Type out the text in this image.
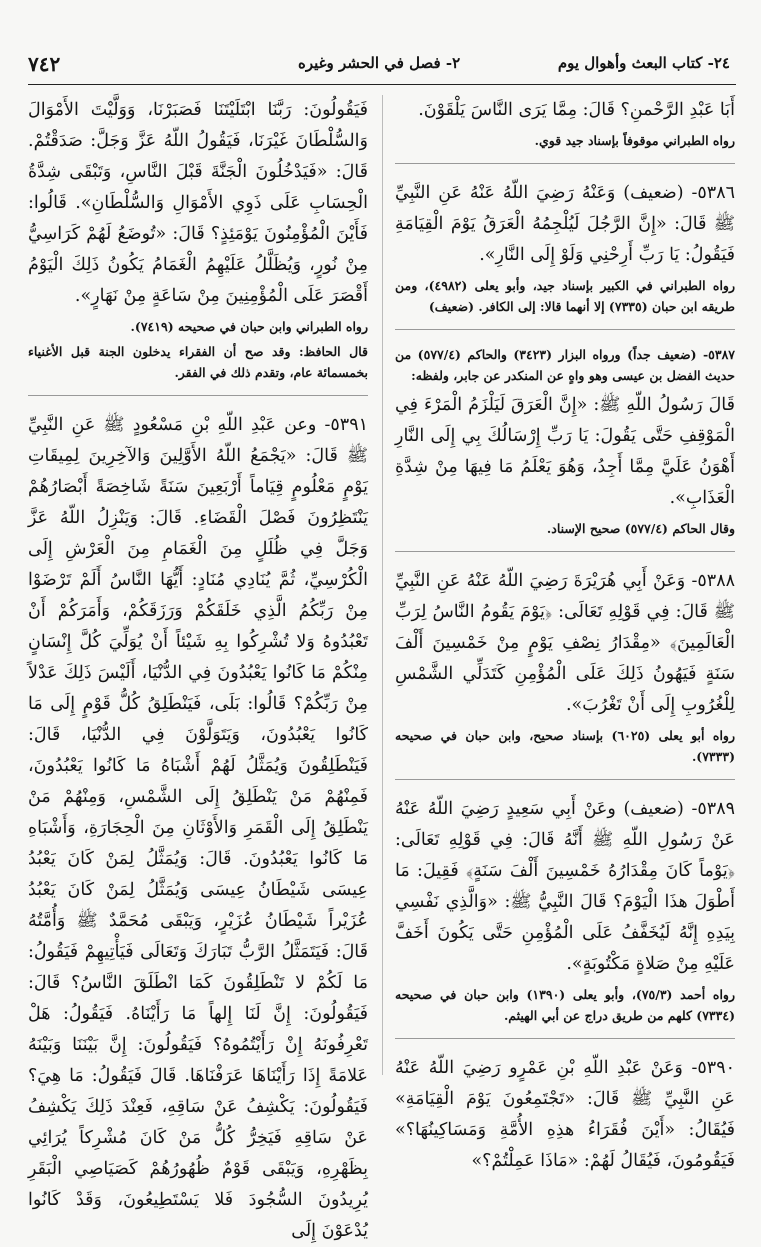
٧٤٢	٢- فصل في الحشر وغيره	٢٤- كتاب البعث وأهوال يوم

أَبَا عَبْدِ الرَّحْمنِ؟ قَالَ: مِمَّا يَرَى النَّاسَ يَلْقَوْنَ.

رواه الطبراني موقوفاً بإسناد جيد قوي.

٥٣٨٦- (ضعيف) وَعَنْهُ رَضِيَ اللّهُ عَنْهُ عَنِ النَّبِيِّ ﷺ قَالَ: «إِنَّ الرَّجُلَ لَيُلْجِمُهُ الْعَرَقُ يَوْمَ الْقِيَامَةِ فَيَقُولُ: يَا رَبِّ أَرِحْنِي وَلَوْ إِلَى النَّارِ».

رواه الطبراني في الكبير بإسناد جيد، وأبو يعلى (٤٩٨٢)، ومن طريقه ابن حبان (٧٣٣٥) إلا أنهما قالا: إلى الكافر. (ضعيف)

٥٣٨٧- (ضعيف جداً) ورواه البزار (٣٤٢٣) والحاكم (٥٧٧/٤) من حديث الفضل بن عيسى وهو واهٍ عن المنكدر عن جابر، ولفظه:

قَالَ رَسُولُ اللّهِ ﷺ: «إِنَّ الْعَرَقَ لَيَلْزَمُ الْمَرْءَ فِي الْمَوْقِفِ حَتَّى يَقُولَ: يَا رَبِّ إِرْسَالُكَ بِي إِلَى النَّارِ أَهْوَنُ عَلَيَّ مِمَّا أَجِدُ، وَهُوَ يَعْلَمُ مَا فِيهَا مِنْ شِدَّةِ الْعَذَابِ».

وقال الحاكم (٥٧٧/٤) صحيح الإسناد.

٥٣٨٨- وَعَنْ أَبِي هُرَيْرَةَ رَضِيَ اللّهُ عَنْهُ عَنِ النَّبِيِّ ﷺ قَالَ: فِي قَوْلِهِ تَعَالَى: ﴿يَوْمَ يَقُومُ النَّاسُ لِرَبِّ الْعَالَمِينَ﴾ «مِقْدَارُ نِصْفِ يَوْمٍ مِنْ خَمْسِينَ أَلْفَ سَنَةٍ فَيَهُونُ ذَلِكَ عَلَى الْمُؤْمِنِ كَتَدَلِّي الشَّمْسِ لِلْغُرُوبِ إِلَى أَنْ تَغْرُبَ».

رواه أبو يعلى (٦٠٢٥) بإسناد صحيح، وابن حبان في صحيحه (٧٣٣٣).

٥٣٨٩- (ضعيف) وعَنْ أَبِي سَعِيدٍ رَضِيَ اللّهُ عَنْهُ عَنْ رَسُولِ اللّهِ ﷺ أَنَّهُ قَالَ: فِي قَوْلِهِ تَعَالَى: ﴿يَوْماً كَانَ مِقْدَارُهُ خَمْسِينَ أَلْفَ سَنَةٍ﴾ فَقِيلَ: مَا أَطْوَلَ هذَا الْيَوْمَ؟ قَالَ النَّبِيُّ ﷺ: «وَالَّذِي نَفْسِي بِيَدِهِ إِنَّهُ لَيُخَفَّفُ عَلَى الْمُؤْمِنِ حَتَّى يَكُونَ أَخَفَّ عَلَيْهِ مِنْ صَلاةٍ مَكْتُوبَةٍ».

رواه أحمد (٧٥/٣)، وأبو يعلى (١٣٩٠) وابن حبان في صحيحه (٧٣٣٤) كلهم من طريق دراج عن أبي الهيثم.

٥٣٩٠- وَعَنْ عَبْدِ اللّهِ بْنِ عَمْرٍو رَضِيَ اللّهُ عَنْهُ عَنِ النَّبِيِّ ﷺ قَالَ: «تَجْتَمِعُونَ يَوْمَ الْقِيَامَةِ» فَيُقَالُ: «أَيْنَ فُقَرَاءُ هذِهِ الأُمَّةِ وَمَسَاكِينُهَا؟» فَيَقُومُونَ، فَيُقَالُ لَهُمْ: «مَاذَا عَمِلْتُمْ؟»

فَيَقُولُونَ: رَبَّنَا ابْتَلَيْتَنَا فَصَبَرْنَا، وَوَلَّيْتَ الأَمْوَالَ وَالسُّلْطَانَ غَيْرَنَا، فَيَقُولُ اللّهُ عَزَّ وَجَلَّ: صَدَقْتُمْ. قَالَ: «فَيَدْخُلُونَ الْجَنَّةَ قَبْلَ النَّاسِ، وَتَبْقَى شِدَّةُ الْحِسَابِ عَلَى ذَوِي الأَمْوَالِ وَالسُّلْطَانِ». قَالُوا: فَأَيْنَ الْمُؤْمِنُونَ يَوْمَئِذٍ؟ قَالَ: «تُوضَعُ لَهُمْ كَرَاسِيُّ مِنْ نُورٍ، وَيُظَلَّلُ عَلَيْهِمُ الْغَمَامُ يَكُونُ ذَلِكَ الْيَوْمُ أَقْصَرَ عَلَى الْمُؤْمِنِينَ مِنْ سَاعَةٍ مِنْ نَهَارٍ».

رواه الطبراني وابن حبان في صحيحه (٧٤١٩).

قال الحافظ: وقد صح أن الفقراء يدخلون الجنة قبل الأغنياء بخمسمائة عام، وتقدم ذلك في الفقر.

٥٣٩١- وعن عَبْدِ اللّهِ بْنِ مَسْعُودٍ ﷺ عَنِ النَّبِيِّ ﷺ قَالَ: «يَجْمَعُ اللّهُ الأَوَّلِينَ وَالآخِرِينَ لِمِيقَاتِ يَوْمٍ مَعْلُومٍ قِيَاماً أَرْبَعِينَ سَنَةً شَاخِصَةً أَبْصَارُهُمْ يَنْتَظِرُونَ فَصْلَ الْقَضَاءِ. قَالَ: وَيَنْزِلُ اللّهُ عَزَّ وَجَلَّ فِي ظُلَلٍ مِنَ الْغَمَامِ مِنَ الْعَرْشِ إِلَى الْكُرْسِيِّ، ثُمَّ يُنَادِي مُنَادٍ: أَيُّهَا النَّاسُ أَلَمْ تَرْضَوْا مِنْ رَبِّكُمُ الَّذِي خَلَقَكُمْ وَرَزَقَكُمْ، وَأَمَرَكُمْ أَنْ تَعْبُدُوهُ وَلا تُشْرِكُوا بِهِ شَيْئاً أَنْ يُوَلِّيَ كُلَّ إِنْسَانٍ مِنْكُمْ مَا كَانُوا يَعْبُدُونَ فِي الدُّنْيَا، أَلَيْسَ ذَلِكَ عَدْلاً مِنْ رَبِّكُمْ؟ قَالُوا: بَلَى، فَيَنْطَلِقُ كُلُّ قَوْمٍ إِلَى مَا كَانُوا يَعْبُدُونَ، وَيَتَوَلَّوْنَ فِي الدُّنْيَا، قَالَ: فَيَنْطَلِقُونَ وَيُمَثَّلُ لَهُمْ أَشْبَاهُ مَا كَانُوا يَعْبُدُونَ، فَمِنْهُمْ مَنْ يَنْطَلِقُ إِلَى الشَّمْسِ، وَمِنْهُمْ مَنْ يَنْطَلِقُ إِلَى الْقَمَرِ وَالأَوْثَانِ مِنَ الْحِجَارَةِ، وَأَشْبَاهِ مَا كَانُوا يَعْبُدُونَ. قَالَ: وَيُمَثَّلُ لِمَنْ كَانَ يَعْبُدُ عِيسَى شَيْطَانُ عِيسَى وَيُمَثَّلُ لِمَنْ كَانَ يَعْبُدُ عُزَيْراً شَيْطَانُ عُزَيْرٍ، وَيَبْقَى مُحَمَّدٌ ﷺ وَأُمَّتُهُ قَالَ: فَيَتَمَثَّلُ الرَّبُّ تَبَارَكَ وَتَعَالَى فَيَأْتِيهِمْ فَيَقُولُ: مَا لَكُمْ لا تَنْطَلِقُونَ كَمَا انْطَلَقَ النَّاسُ؟ قَالَ: فَيَقُولُونَ: إِنَّ لَنَا إِلهاً مَا رَأَيْنَاهُ. فَيَقُولُ: هَلْ تَعْرِفُونَهُ إِنْ رَأَيْتُمُوهُ؟ فَيَقُولُونَ: إِنَّ بَيْنَنَا وَبَيْنَهُ عَلامَةً إِذَا رَأَيْنَاهَا عَرَفْنَاهَا. قَالَ فَيَقُولُ: مَا هِيَ؟ فَيَقُولُونَ: يَكْشِفُ عَنْ سَاقِهِ، فَعِنْدَ ذَلِكَ يَكْشِفُ عَنْ سَاقِهِ فَيَخِرُّ كُلُّ مَنْ كَانَ مُشْرِكاً يُرَائِي بِظَهْرِهِ، وَيَبْقَى قَوْمٌ ظُهُورُهُمْ كَصَيَاصِي الْبَقَرِ يُرِيدُونَ السُّجُودَ فَلا يَسْتَطِيعُونَ، وَقَدْ كَانُوا يُدْعَوْنَ إِلَى
